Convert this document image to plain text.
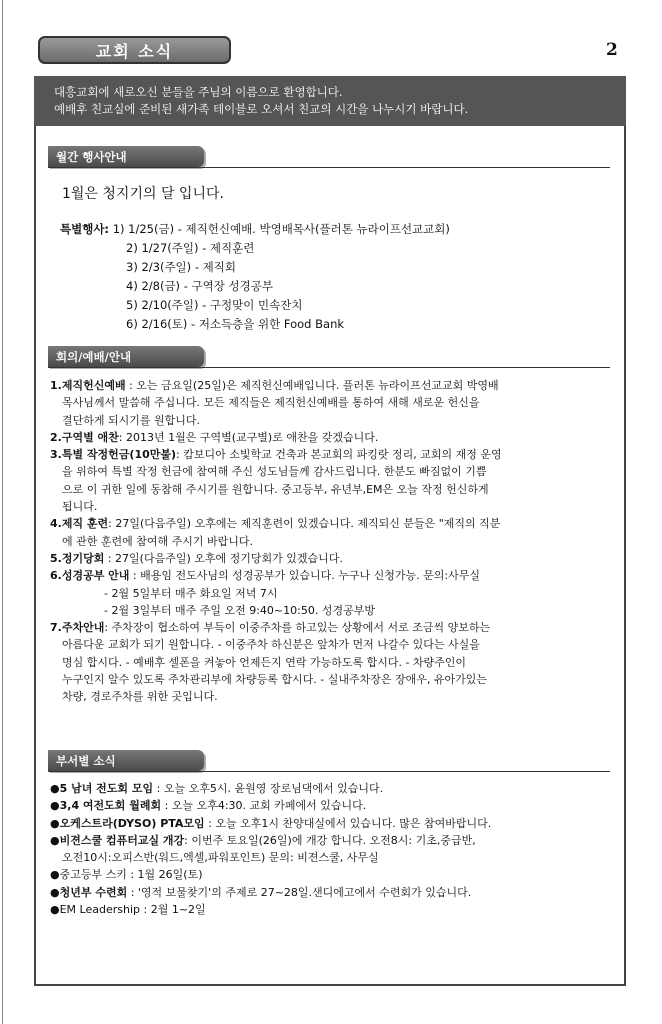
교회 소식	2
대흥교회에 새로오신 분들을 주님의 이름으로 환영합니다.
예배후 친교실에 준비된 새가족 테이블로 오셔서 친교의 시간을 나누시기 바랍니다.
월간 행사안내
1월은 청지기의 달 입니다.
특별행사: 1) 1/25(금) - 제직헌신예배. 박영배목사(플러톤 뉴라이프선교교회)
2) 1/27(주일) - 제직훈련
3) 2/3(주일) - 제직회
4) 2/8(금) - 구역장 성경공부
5) 2/10(주일) - 구정맞이 민속잔치
6) 2/16(토) - 저소득층을 위한 Food Bank
회의/예배/안내
1.제직헌신예배 : 오는 금요일(25일)은 제직헌신예배입니다. 플러톤 뉴라이프선교교회 박영배
목사님께서 말씀해 주십니다. 모든 제직들은 제직헌신예배를 통하여 새해 새로운 헌신을
결단하게 되시기를 원합니다.
2.구역별 애찬: 2013년 1월은 구역별(교구별)로 애찬을 갖겠습니다.
3.특별 작정헌금(10만불): 캄보디아 소빛학교 건축과 본교회의 파킹랏 정리, 교회의 재정 운영
을 위하여 특별 작정 헌금에 참여해 주신 성도님들께 감사드립니다. 한분도 빠짐없이 기쁨
으로 이 귀한 일에 동참해 주시기를 원합니다. 중고등부, 유년부,EM은 오늘 작정 헌신하게
됩니다.
4.제직 훈련: 27일(다음주일) 오후에는 제직훈련이 있겠습니다. 제직되신 분들은 "제직의 직분
에 관한 훈련에 참여해 주시기 바랍니다.
5.정기당회 : 27일(다음주일) 오후에 정기당회가 있겠습니다.
6.성경공부 안내 : 배용임 전도사님의 성경공부가 있습니다. 누구나 신청가능. 문의:사무실
- 2월 5일부터 매주 화요일 저녁 7시
- 2월 3일부터 매주 주일 오전 9:40~10:50. 성경공부방
7.주차안내: 주차장이 협소하여 부득이 이중주차를 하고있는 상황에서 서로 조금씩 양보하는
아름다운 교회가 되기 원합니다. - 이중주차 하신분은 앞차가 먼저 나갈수 있다는 사실을
명심 합시다. - 예배후 셀폰을 켜놓아 언제든지 연락 가능하도록 합시다. - 차량주인이
누구인지 알수 있도록 주차관리부에 차량등록 합시다. - 실내주차장은 장애우, 유아가있는
차량, 경로주차를 위한 곳입니다.
부서별 소식
●5 남녀 전도회 모임 : 오늘 오후5시. 윤원영 장로님댁에서 있습니다.
●3,4 여전도회 월례회 : 오늘 오후4:30. 교회 카페에서 있습니다.
●오케스트라(DYSO) PTA모임 : 오늘 오후1시 찬양대실에서 있습니다. 많은 참여바랍니다.
●비젼스쿨 컴퓨터교실 개강: 이번주 토요일(26일)에 개강 합니다. 오전8시: 기초,중급반,
오전10시:오피스반(워드,엑셀,파워포인트) 문의: 비젼스쿨, 사무실
●중고등부 스키 : 1월 26일(토)
●청년부 수련회 : '영적 보물찾기'의 주제로 27~28일.샌디에고에서 수련회가 있습니다.
●EM Leadership : 2월 1~2일
